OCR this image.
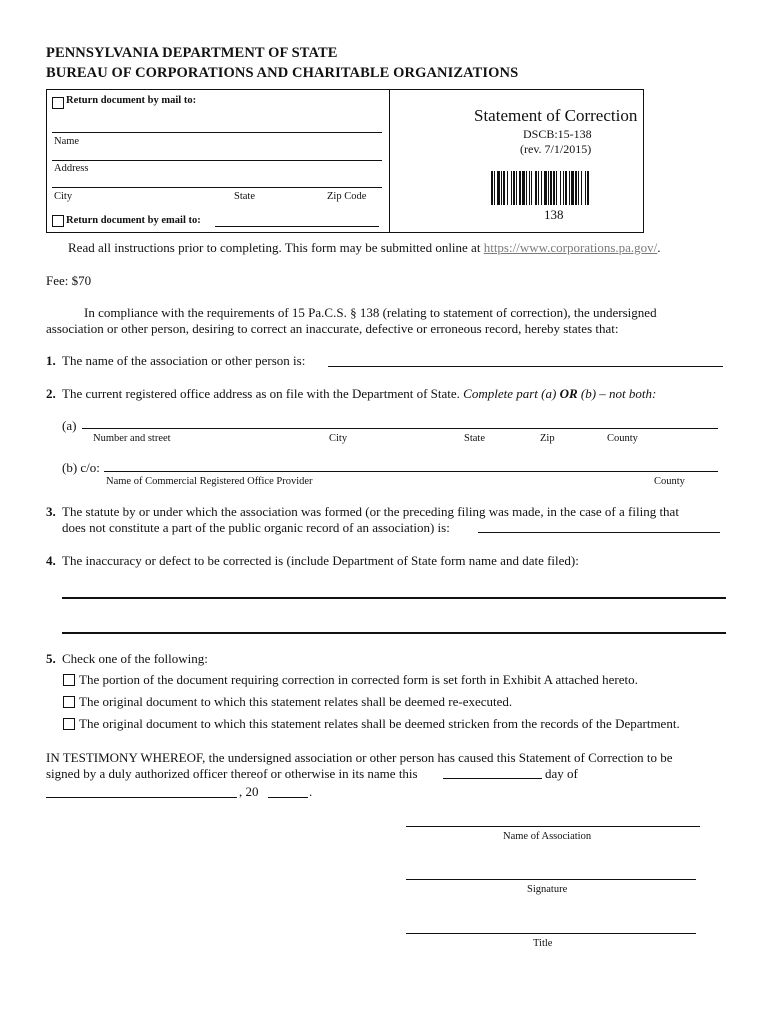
PENNSYLVANIA DEPARTMENT OF STATE
BUREAU OF CORPORATIONS AND CHARITABLE ORGANIZATIONS
Return document by mail to:
Name
Address
City	State	Zip Code
Return document by email to:
Statement of Correction
DSCB:15-138
(rev. 7/1/2015)
138
Read all instructions prior to completing. This form may be submitted online at https://www.corporations.pa.gov/.
Fee: $70
In compliance with the requirements of 15 Pa.C.S. § 138 (relating to statement of correction), the undersigned
association or other person, desiring to correct an inaccurate, defective or erroneous record, hereby states that:
1. The name of the association or other person is:
2. The current registered office address as on file with the Department of State. Complete part (a) OR (b) – not both:
(a)
Number and street	City	State	Zip	County
(b) c/o:
Name of Commercial Registered Office Provider	County
3. The statute by or under which the association was formed (or the preceding filing was made, in the case of a filing that
does not constitute a part of the public organic record of an association) is:
4. The inaccuracy or defect to be corrected is (include Department of State form name and date filed):
5. Check one of the following:
The portion of the document requiring correction in corrected form is set forth in Exhibit A attached hereto.
The original document to which this statement relates shall be deemed re-executed.
The original document to which this statement relates shall be deemed stricken from the records of the Department.
IN TESTIMONY WHEREOF, the undersigned association or other person has caused this Statement of Correction to be
signed by a duly authorized officer thereof or otherwise in its name this	day of
, 20	.
Name of Association
Signature
Title
